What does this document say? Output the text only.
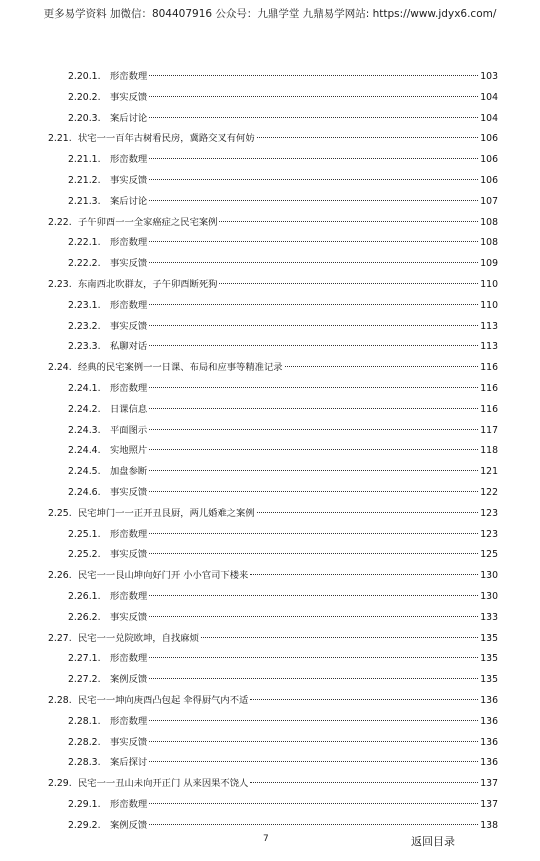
更多易学资料 加微信：804407916 公众号：九鼎学堂 九鼎易学网站: https://www.jdyx6.com/
2.20.1.	形峦数理	103
2.20.2.	事实反馈	104
2.20.3.	案后讨论	104
2.21. 状宅一一百年古树看民房，冀路交叉有何妨	106
2.21.1.	形峦数理	106
2.21.2.	事实反馈	106
2.21.3.	案后讨论	107
2.22. 子午卯酉一一全家癌症之民宅案例	108
2.22.1.	形峦数理	108
2.22.2.	事实反馈	109
2.23. 东南西北吹群友，子午卯酉断死狗	110
2.23.1.	形峦数理	110
2.23.2.	事实反馈	113
2.23.3.	私聊对话	113
2.24. 经典的民宅案例一一日课、布局和应事等精准记录	116
2.24.1.	形峦数理	116
2.24.2.	日课信息	116
2.24.3.	平面图示	117
2.24.4.	实地照片	118
2.24.5.	加盘参断	121
2.24.6.	事实反馈	122
2.25. 民宅坤门一一正开丑艮厨，两儿婚难之案例	123
2.25.1.	形峦数理	123
2.25.2.	事实反馈	125
2.26. 民宅一一艮山坤向好门开 小小官司下楼来	130
2.26.1.	形峦数理	130
2.26.2.	事实反馈	133
2.27. 民宅一一兑院欧坤，自找麻烦	135
2.27.1.	形峦数理	135
2.27.2.	案例反馈	135
2.28. 民宅一一坤向庚酉凸包起 伞得厨气内不适	136
2.28.1.	形峦数理	136
2.28.2.	事实反馈	136
2.28.3.	案后探讨	136
2.29. 民宅一一丑山未向开正门 从来因果不饶人	137
2.29.1.	形峦数理	137
2.29.2.	案例反馈	138
7	返回目录
